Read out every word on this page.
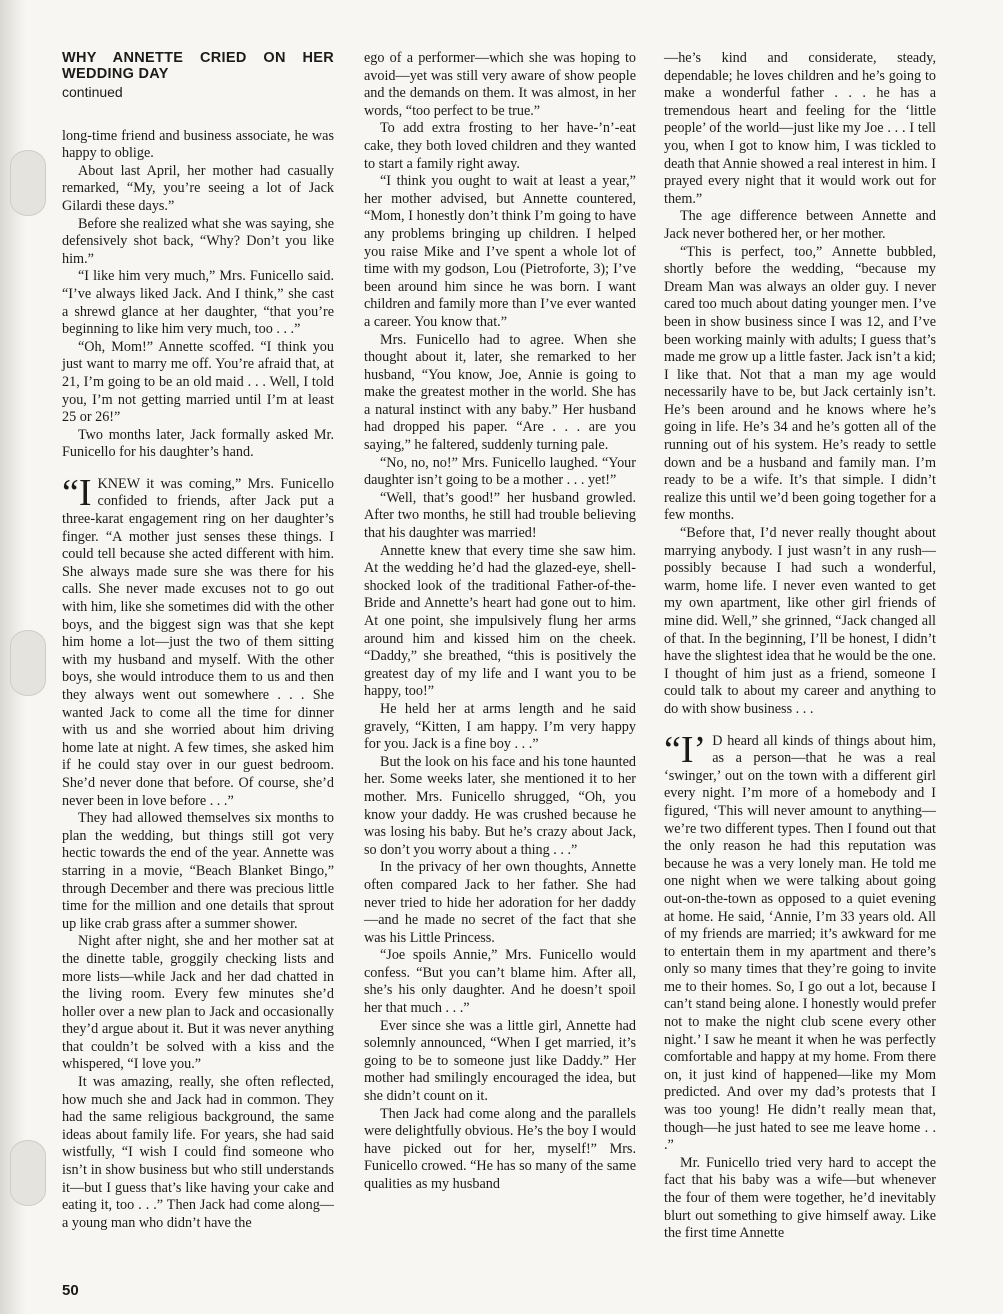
WHY ANNETTE CRIED ON HER WEDDING DAY
continued

long-time friend and business associate, he was happy to oblige.

About last April, her mother had casually remarked, “My, you’re seeing a lot of Jack Gilardi these days.”

Before she realized what she was saying, she defensively shot back, “Why? Don’t you like him.”

“I like him very much,” Mrs. Funicello said. “I’ve always liked Jack. And I think,” she cast a shrewd glance at her daughter, “that you’re beginning to like him very much, too . . .”

“Oh, Mom!” Annette scoffed. “I think you just want to marry me off. You’re afraid that, at 21, I’m going to be an old maid . . . Well, I told you, I’m not getting married until I’m at least 25 or 26!”

Two months later, Jack formally asked Mr. Funicello for his daughter’s hand.

“IKNEW it was coming,” Mrs. Funicello confided to friends, after Jack put a three-karat engagement ring on her daughter’s finger. “A mother just senses these things. I could tell because she acted different with him. She always made sure she was there for his calls. She never made excuses not to go out with him, like she sometimes did with the other boys, and the biggest sign was that she kept him home a lot—just the two of them sitting with my husband and myself. With the other boys, she would introduce them to us and then they always went out somewhere . . . She wanted Jack to come all the time for dinner with us and she worried about him driving home late at night. A few times, she asked him if he could stay over in our guest bedroom. She’d never done that before. Of course, she’d never been in love before . . .”

They had allowed themselves six months to plan the wedding, but things still got very hectic towards the end of the year. Annette was starring in a movie, “Beach Blanket Bingo,” through December and there was precious little time for the million and one details that sprout up like crab grass after a summer shower.

Night after night, she and her mother sat at the dinette table, groggily checking lists and more lists—while Jack and her dad chatted in the living room. Every few minutes she’d holler over a new plan to Jack and occasionally they’d argue about it. But it was never anything that couldn’t be solved with a kiss and the whispered, “I love you.”

It was amazing, really, she often reflected, how much she and Jack had in common. They had the same religious background, the same ideas about family life. For years, she had said wistfully, “I wish I could find someone who isn’t in show business but who still understands it—but I guess that’s like having your cake and eating it, too . . .” Then Jack had come along—a young man who didn’t have the

ego of a performer—which she was hoping to avoid—yet was still very aware of show people and the demands on them. It was almost, in her words, “too perfect to be true.”

To add extra frosting to her have-’n’-eat cake, they both loved children and they wanted to start a family right away.

“I think you ought to wait at least a year,” her mother advised, but Annette countered, “Mom, I honestly don’t think I’m going to have any problems bringing up children. I helped you raise Mike and I’ve spent a whole lot of time with my godson, Lou (Pietroforte, 3); I’ve been around him since he was born. I want children and family more than I’ve ever wanted a career. You know that.”

Mrs. Funicello had to agree. When she thought about it, later, she remarked to her husband, “You know, Joe, Annie is going to make the greatest mother in the world. She has a natural instinct with any baby.” Her husband had dropped his paper. “Are . . . are you saying,” he faltered, suddenly turning pale.

“No, no, no!” Mrs. Funicello laughed. “Your daughter isn’t going to be a mother . . . yet!”

“Well, that’s good!” her husband growled. After two months, he still had trouble believing that his daughter was married!

Annette knew that every time she saw him. At the wedding he’d had the glazed-eye, shell-shocked look of the traditional Father-of-the-Bride and Annette’s heart had gone out to him. At one point, she impulsively flung her arms around him and kissed him on the cheek. “Daddy,” she breathed, “this is positively the greatest day of my life and I want you to be happy, too!”

He held her at arms length and he said gravely, “Kitten, I am happy. I’m very happy for you. Jack is a fine boy . . .”

But the look on his face and his tone haunted her. Some weeks later, she mentioned it to her mother. Mrs. Funicello shrugged, “Oh, you know your daddy. He was crushed because he was losing his baby. But he’s crazy about Jack, so don’t you worry about a thing . . .”

In the privacy of her own thoughts, Annette often compared Jack to her father. She had never tried to hide her adoration for her daddy—and he made no secret of the fact that she was his Little Princess.

“Joe spoils Annie,” Mrs. Funicello would confess. “But you can’t blame him. After all, she’s his only daughter. And he doesn’t spoil her that much . . .”

Ever since she was a little girl, Annette had solemnly announced, “When I get married, it’s going to be to someone just like Daddy.” Her mother had smilingly encouraged the idea, but she didn’t count on it.

Then Jack had come along and the parallels were delightfully obvious. He’s the boy I would have picked out for her, myself!” Mrs. Funicello crowed. “He has so many of the same qualities as my husband

—he’s kind and considerate, steady, dependable; he loves children and he’s going to make a wonderful father . . . he has a tremendous heart and feeling for the ‘little people’ of the world—just like my Joe . . . I tell you, when I got to know him, I was tickled to death that Annie showed a real interest in him. I prayed every night that it would work out for them.”

The age difference between Annette and Jack never bothered her, or her mother.

“This is perfect, too,” Annette bubbled, shortly before the wedding, “because my Dream Man was always an older guy. I never cared too much about dating younger men. I’ve been in show business since I was 12, and I’ve been working mainly with adults; I guess that’s made me grow up a little faster. Jack isn’t a kid; I like that. Not that a man my age would necessarily have to be, but Jack certainly isn’t. He’s been around and he knows where he’s going in life. He’s 34 and he’s gotten all of the running out of his system. He’s ready to settle down and be a husband and family man. I’m ready to be a wife. It’s that simple. I didn’t realize this until we’d been going together for a few months.

“Before that, I’d never really thought about marrying anybody. I just wasn’t in any rush—possibly because I had such a wonderful, warm, home life. I never even wanted to get my own apartment, like other girl friends of mine did. Well,” she grinned, “Jack changed all of that. In the beginning, I’ll be honest, I didn’t have the slightest idea that he would be the one. I thought of him just as a friend, someone I could talk to about my career and anything to do with show business . . .

“I’ D heard all kinds of things about him, as a person—that he was a real ‘swinger,’ out on the town with a different girl every night. I’m more of a homebody and I figured, ‘This will never amount to anything—we’re two different types. Then I found out that the only reason he had this reputation was because he was a very lonely man. He told me one night when we were talking about going out-on-the-town as opposed to a quiet evening at home. He said, ‘Annie, I’m 33 years old. All of my friends are married; it’s awkward for me to entertain them in my apartment and there’s only so many times that they’re going to invite me to their homes. So, I go out a lot, because I can’t stand being alone. I honestly would prefer not to make the night club scene every other night.’ I saw he meant it when he was perfectly comfortable and happy at my home. From there on, it just kind of happened—like my Mom predicted. And over my dad’s protests that I was too young! He didn’t really mean that, though—he just hated to see me leave home . . .”

Mr. Funicello tried very hard to accept the fact that his baby was a wife—but whenever the four of them were together, he’d inevitably blurt out something to give himself away. Like the first time Annette

50
